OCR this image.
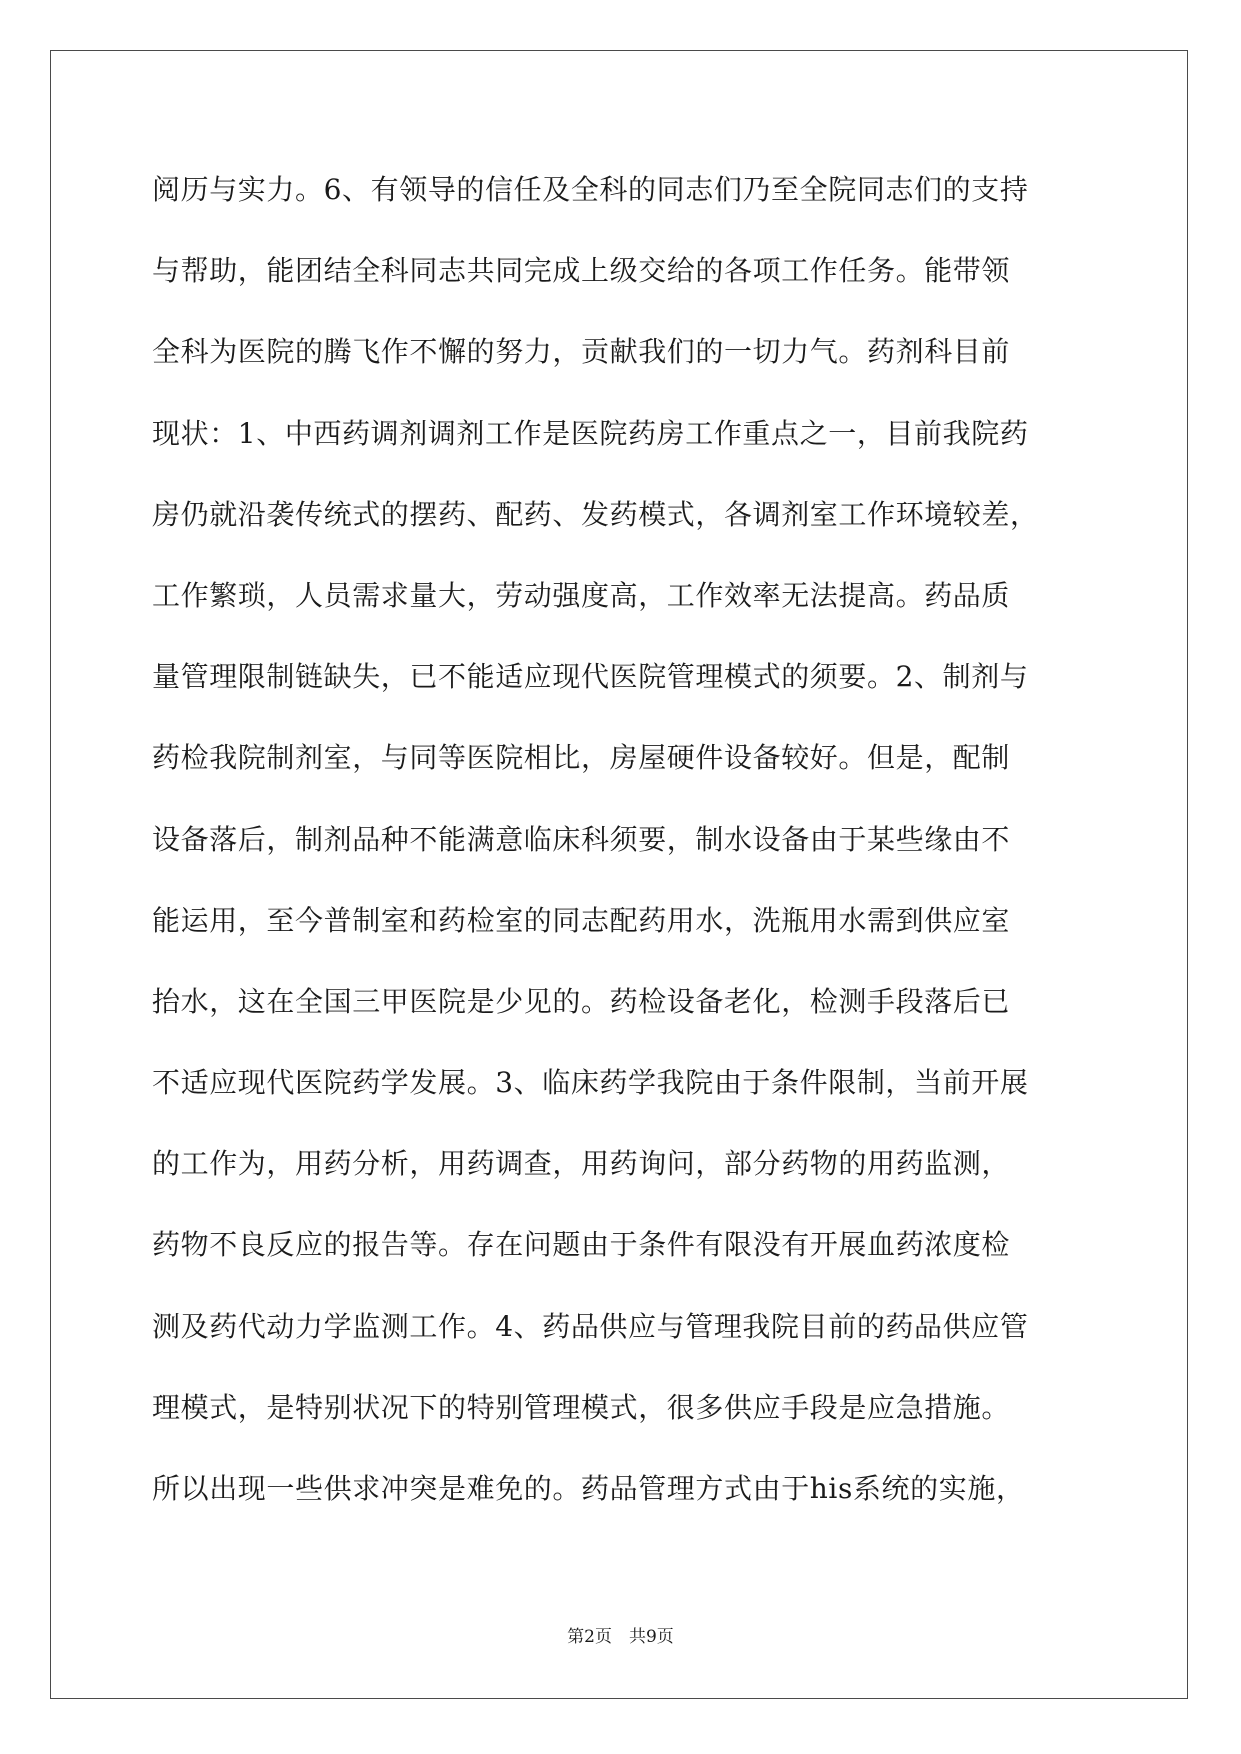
阅历与实力。6、有领导的信任及全科的同志们乃至全院同志们的支持
与帮助，能团结全科同志共同完成上级交给的各项工作任务。能带领
全科为医院的腾飞作不懈的努力，贡献我们的一切力气。药剂科目前
现状：1、中西药调剂调剂工作是医院药房工作重点之一，目前我院药
房仍就沿袭传统式的摆药、配药、发药模式，各调剂室工作环境较差，
工作繁琐，人员需求量大，劳动强度高，工作效率无法提高。药品质
量管理限制链缺失，已不能适应现代医院管理模式的须要。2、制剂与
药检我院制剂室，与同等医院相比，房屋硬件设备较好。但是，配制
设备落后，制剂品种不能满意临床科须要，制水设备由于某些缘由不
能运用，至今普制室和药检室的同志配药用水，洗瓶用水需到供应室
抬水，这在全国三甲医院是少见的。药检设备老化，检测手段落后已
不适应现代医院药学发展。3、临床药学我院由于条件限制，当前开展
的工作为，用药分析，用药调查，用药询问，部分药物的用药监测，
药物不良反应的报告等。存在问题由于条件有限没有开展血药浓度检
测及药代动力学监测工作。4、药品供应与管理我院目前的药品供应管
理模式，是特别状况下的特别管理模式，很多供应手段是应急措施。
所以出现一些供求冲突是难免的。药品管理方式由于his系统的实施，
第2页　共9页
